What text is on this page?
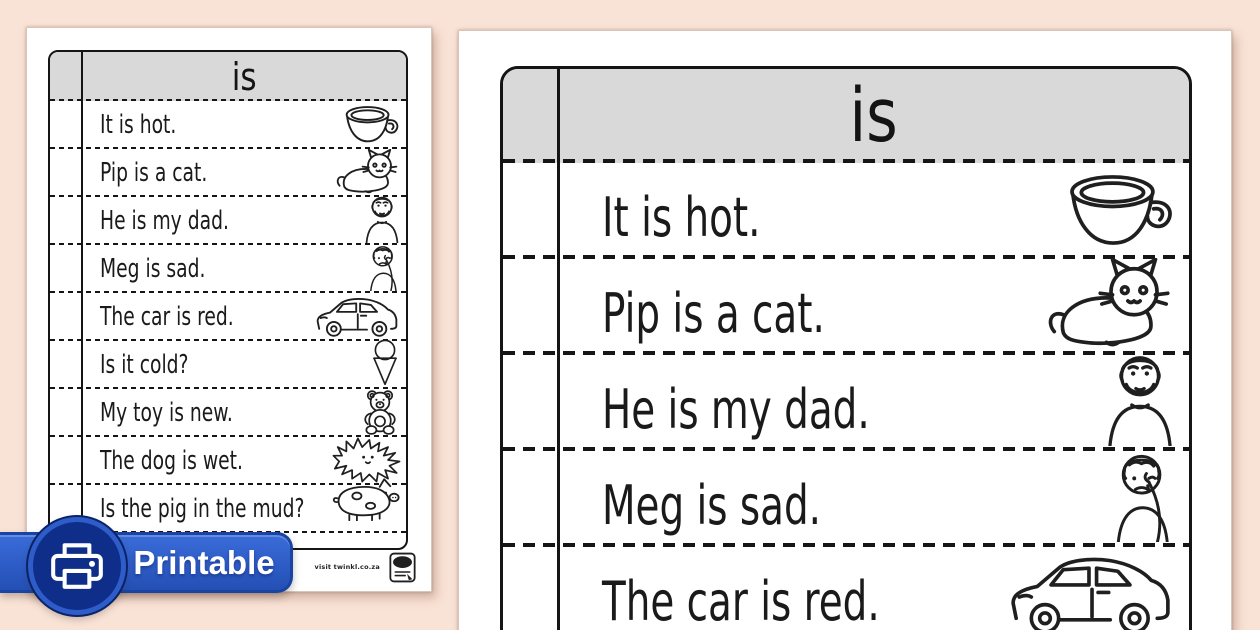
is
It is hot.
Pip is a cat.
He is my dad.
Meg is sad.
The car is red.
Is it cold?
My toy is new.
The dog is wet.
Is the pig in the mud?
visit twinkl.co.za
is
It is hot.
Pip is a cat.
He is my dad.
Meg is sad.
The car is red.
Printable
